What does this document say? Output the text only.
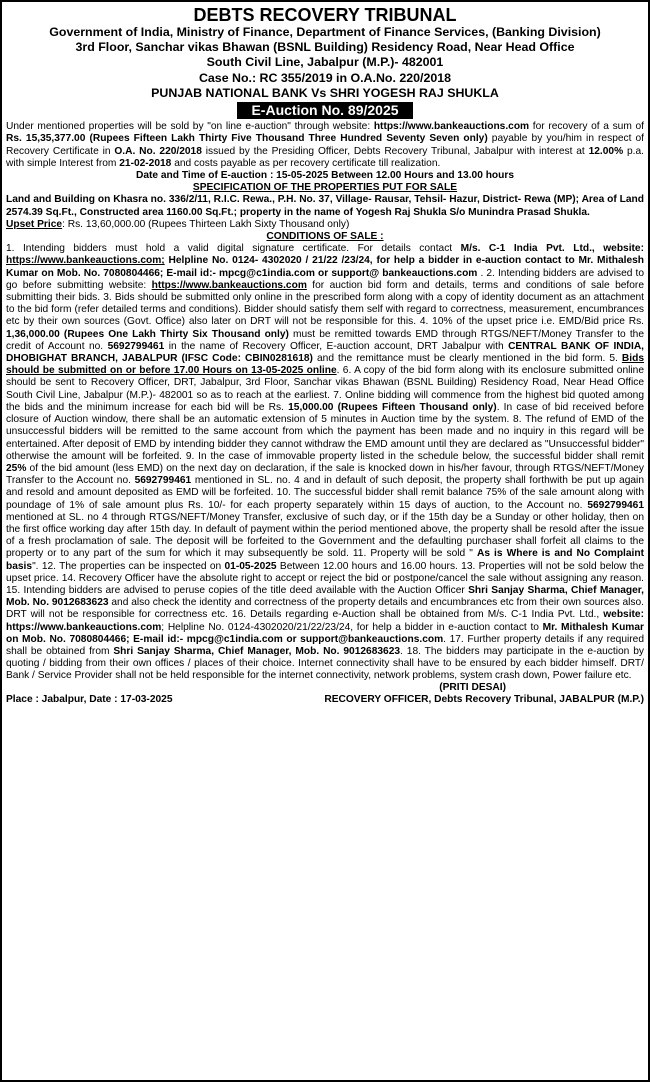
DEBTS RECOVERY TRIBUNAL
Government of India, Ministry of Finance, Department of Finance Services, (Banking Division)
3rd Floor, Sanchar vikas Bhawan (BSNL Building) Residency Road, Near Head Office
South Civil Line, Jabalpur (M.P.)- 482001
Case No.: RC 355/2019 in O.A.No. 220/2018
PUNJAB NATIONAL BANK Vs SHRI YOGESH RAJ SHUKLA
E-Auction No. 89/2025

Under mentioned properties will be sold by "on line e-auction" through website: https://www.bankeauctions.com for recovery of a sum of Rs. 15,35,377.00 (Rupees Fifteen Lakh Thirty Five Thousand Three Hundred Seventy Seven only) payable by you/him in respect of Recovery Certificate in O.A. No. 220/2018 issued by the Presiding Officer, Debts Recovery Tribunal, Jabalpur with interest at 12.00% p.a. with simple Interest from 21-02-2018 and costs payable as per recovery certificate till realization.

Date and Time of E-auction : 15-05-2025 Between 12.00 Hours and 13.00 hours

SPECIFICATION OF THE PROPERTIES PUT FOR SALE

Land and Building on Khasra no. 336/2/11, R.I.C. Rewa., P.H. No. 37, Village- Rausar, Tehsil- Hazur, District- Rewa (MP); Area of Land 2574.39 Sq.Ft., Constructed area 1160.00 Sq.Ft.; property in the name of Yogesh Raj Shukla S/o Munindra Prasad Shukla.

Upset Price: Rs. 13,60,000.00 (Rupees Thirteen Lakh Sixty Thousand only)

CONDITIONS OF SALE :

1. Intending bidders must hold a valid digital signature certificate. For details contact M/s. C-1 India Pvt. Ltd., website: https://www.bankeauctions.com; Helpline No. 0124- 4302020 / 21/22 /23/24, for help a bidder in e-auction contact to Mr. Mithalesh Kumar on Mob. No. 7080804466; E-mail id:- mpcg@c1india.com or support@ bankeauctions.com . 2. Intending bidders are advised to go before submitting website: https://www.bankeauctions.com for auction bid form and details, terms and conditions of sale before submitting their bids. 3. Bids should be submitted only online in the prescribed form along with a copy of identity document as an attachment to the bid form (refer detailed terms and conditions). Bidder should satisfy them self with regard to correctness, measurement, encumbrances etc by their own sources (Govt. Office) also later on DRT will not be responsible for this. 4. 10% of the upset price i.e. EMD/Bid price Rs. 1,36,000.00 (Rupees One Lakh Thirty Six Thousand only) must be remitted towards EMD through RTGS/NEFT/Money Transfer to the credit of Account no. 5692799461 in the name of Recovery Officer, E-auction account, DRT Jabalpur with CENTRAL BANK OF INDIA, DHOBIGHAT BRANCH, JABALPUR (IFSC Code: CBIN0281618) and the remittance must be clearly mentioned in the bid form. 5. Bids should be submitted on or before 17.00 Hours on 13-05-2025 online. 6. A copy of the bid form along with its enclosure submitted online should be sent to Recovery Officer, DRT, Jabalpur, 3rd Floor, Sanchar vikas Bhawan (BSNL Building) Residency Road, Near Head Office South Civil Line, Jabalpur (M.P.)- 482001 so as to reach at the earliest. 7. Online bidding will commence from the highest bid quoted among the bids and the minimum increase for each bid will be Rs. 15,000.00 (Rupees Fifteen Thousand only). In case of bid received before closure of Auction window, there shall be an automatic extension of 5 minutes in Auction time by the system. 8. The refund of EMD of the unsuccessful bidders will be remitted to the same account from which the payment has been made and no inquiry in this regard will be entertained. After deposit of EMD by intending bidder they cannot withdraw the EMD amount until they are declared as "Unsuccessful bidder" otherwise the amount will be forfeited. 9. In the case of immovable property listed in the schedule below, the successful bidder shall remit 25% of the bid amount (less EMD) on the next day on declaration, if the sale is knocked down in his/her favour, through RTGS/NEFT/Money Transfer to the Account no. 5692799461 mentioned in SL. no. 4 and in default of such deposit, the property shall forthwith be put up again and resold and amount deposited as EMD will be forfeited. 10. The successful bidder shall remit balance 75% of the sale amount along with poundage of 1% of sale amount plus Rs. 10/- for each property separately within 15 days of auction, to the Account no. 5692799461 mentioned at SL. no 4 through RTGS/NEFT/Money Transfer, exclusive of such day, or if the 15th day be a Sunday or other holiday, then on the first office working day after 15th day. In default of payment within the period mentioned above, the property shall be resold after the issue of a fresh proclamation of sale. The deposit will be forfeited to the Government and the defaulting purchaser shall forfeit all claims to the property or to any part of the sum for which it may subsequently be sold. 11. Property will be sold " As is Where is and No Complaint basis". 12. The properties can be inspected on 01-05-2025 Between 12.00 hours and 16.00 hours. 13. Properties will not be sold below the upset price. 14. Recovery Officer have the absolute right to accept or reject the bid or postpone/cancel the sale without assigning any reason. 15. Intending bidders are advised to peruse copies of the title deed available with the Auction Officer Shri Sanjay Sharma, Chief Manager, Mob. No. 9012683623 and also check the identity and correctness of the property details and encumbrances etc from their own sources also. DRT will not be responsible for correctness etc. 16. Details regarding e-Auction shall be obtained from M/s. C-1 India Pvt. Ltd., website: https://www.bankeauctions.com; Helpline No. 0124-4302020/21/22/23/24, for help a bidder in e-auction contact to Mr. Mithalesh Kumar on Mob. No. 7080804466; E-mail id:- mpcg@c1india.com or support@bankeauctions.com. 17. Further property details if any required shall be obtained from Shri Sanjay Sharma, Chief Manager, Mob. No. 9012683623. 18. The bidders may participate in the e-auction by quoting / bidding from their own offices / places of their choice. Internet connectivity shall have to be ensured by each bidder himself. DRT/ Bank / Service Provider shall not be held responsible for the internet connectivity, network problems, system crash down, Power failure etc.

(PRITI DESAI)
Place : Jabalpur, Date : 17-03-2025	RECOVERY OFFICER, Debts Recovery Tribunal, JABALPUR (M.P.)
